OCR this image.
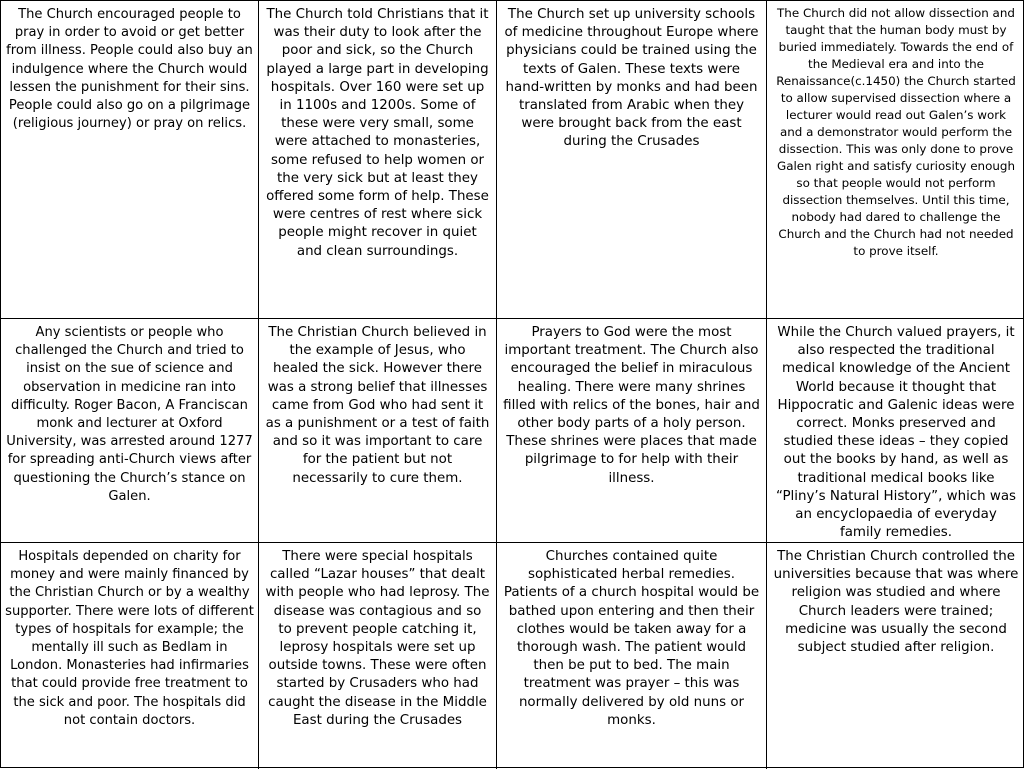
The Church encouraged people to pray in order to avoid or get better from illness. People could also buy an indulgence where the Church would lessen the punishment for their sins. People could also go on a pilgrimage (religious journey) or pray on relics.
The Church told Christians that it was their duty to look after the poor and sick, so the Church played a large part in developing hospitals. Over 160 were set up in 1100s and 1200s. Some of these were very small, some were attached to monasteries, some refused to help women or the very sick but at least they offered some form of help. These were centres of rest where sick people might recover in quiet and clean surroundings.
The Church set up university schools of medicine throughout Europe where physicians could be trained using the texts of Galen. These texts were hand-written by monks and had been translated from Arabic when they were brought back from the east during the Crusades
The Church did not allow dissection and taught that the human body must by buried immediately. Towards the end of the Medieval era and into the Renaissance(c.1450) the Church started to allow supervised dissection where a lecturer would read out Galen’s work and a demonstrator would perform the dissection. This was only done to prove Galen right and satisfy curiosity enough so that people would not perform dissection themselves. Until this time, nobody had dared to challenge the Church and the Church had not needed to prove itself.
Any scientists or people who challenged the Church and tried to insist on the sue of science and observation in medicine ran into difficulty. Roger Bacon, A Franciscan monk and lecturer at Oxford University, was arrested around 1277 for spreading anti-Church views after questioning the Church’s stance on Galen.
The Christian Church believed in the example of Jesus, who healed the sick. However there was a strong belief that illnesses came from God who had sent it as a punishment or a test of faith and so it was important to care for the patient but not necessarily to cure them.
Prayers to God were the most important treatment. The Church also encouraged the belief in miraculous healing. There were many shrines filled with relics of the bones, hair and other body parts of a holy person. These shrines were places that made pilgrimage to for help with their illness.
While the Church valued prayers, it also respected the traditional medical knowledge of the Ancient World because it thought that Hippocratic and Galenic ideas were correct. Monks preserved and studied these ideas – they copied out the books by hand, as well as traditional medical books like “Pliny’s Natural History”, which was an encyclopaedia of everyday family remedies.
Hospitals depended on charity for money and were mainly financed by the Christian Church or by a wealthy supporter. There were lots of different types of hospitals for example; the mentally ill such as Bedlam in London. Monasteries had infirmaries that could provide free treatment to the sick and poor. The hospitals did not contain doctors.
There were special hospitals called “Lazar houses” that dealt with people who had leprosy. The disease was contagious and so to prevent people catching it, leprosy hospitals were set up outside towns. These were often started by Crusaders who had caught the disease in the Middle East during the Crusades
Churches contained quite sophisticated herbal remedies. Patients of a church hospital would be bathed upon entering and then their clothes would be taken away for a thorough wash. The patient would then be put to bed. The main treatment was prayer – this was normally delivered by old nuns or monks.
The Christian Church controlled the universities because that was where religion was studied and where Church leaders were trained; medicine was usually the second subject studied after religion.
